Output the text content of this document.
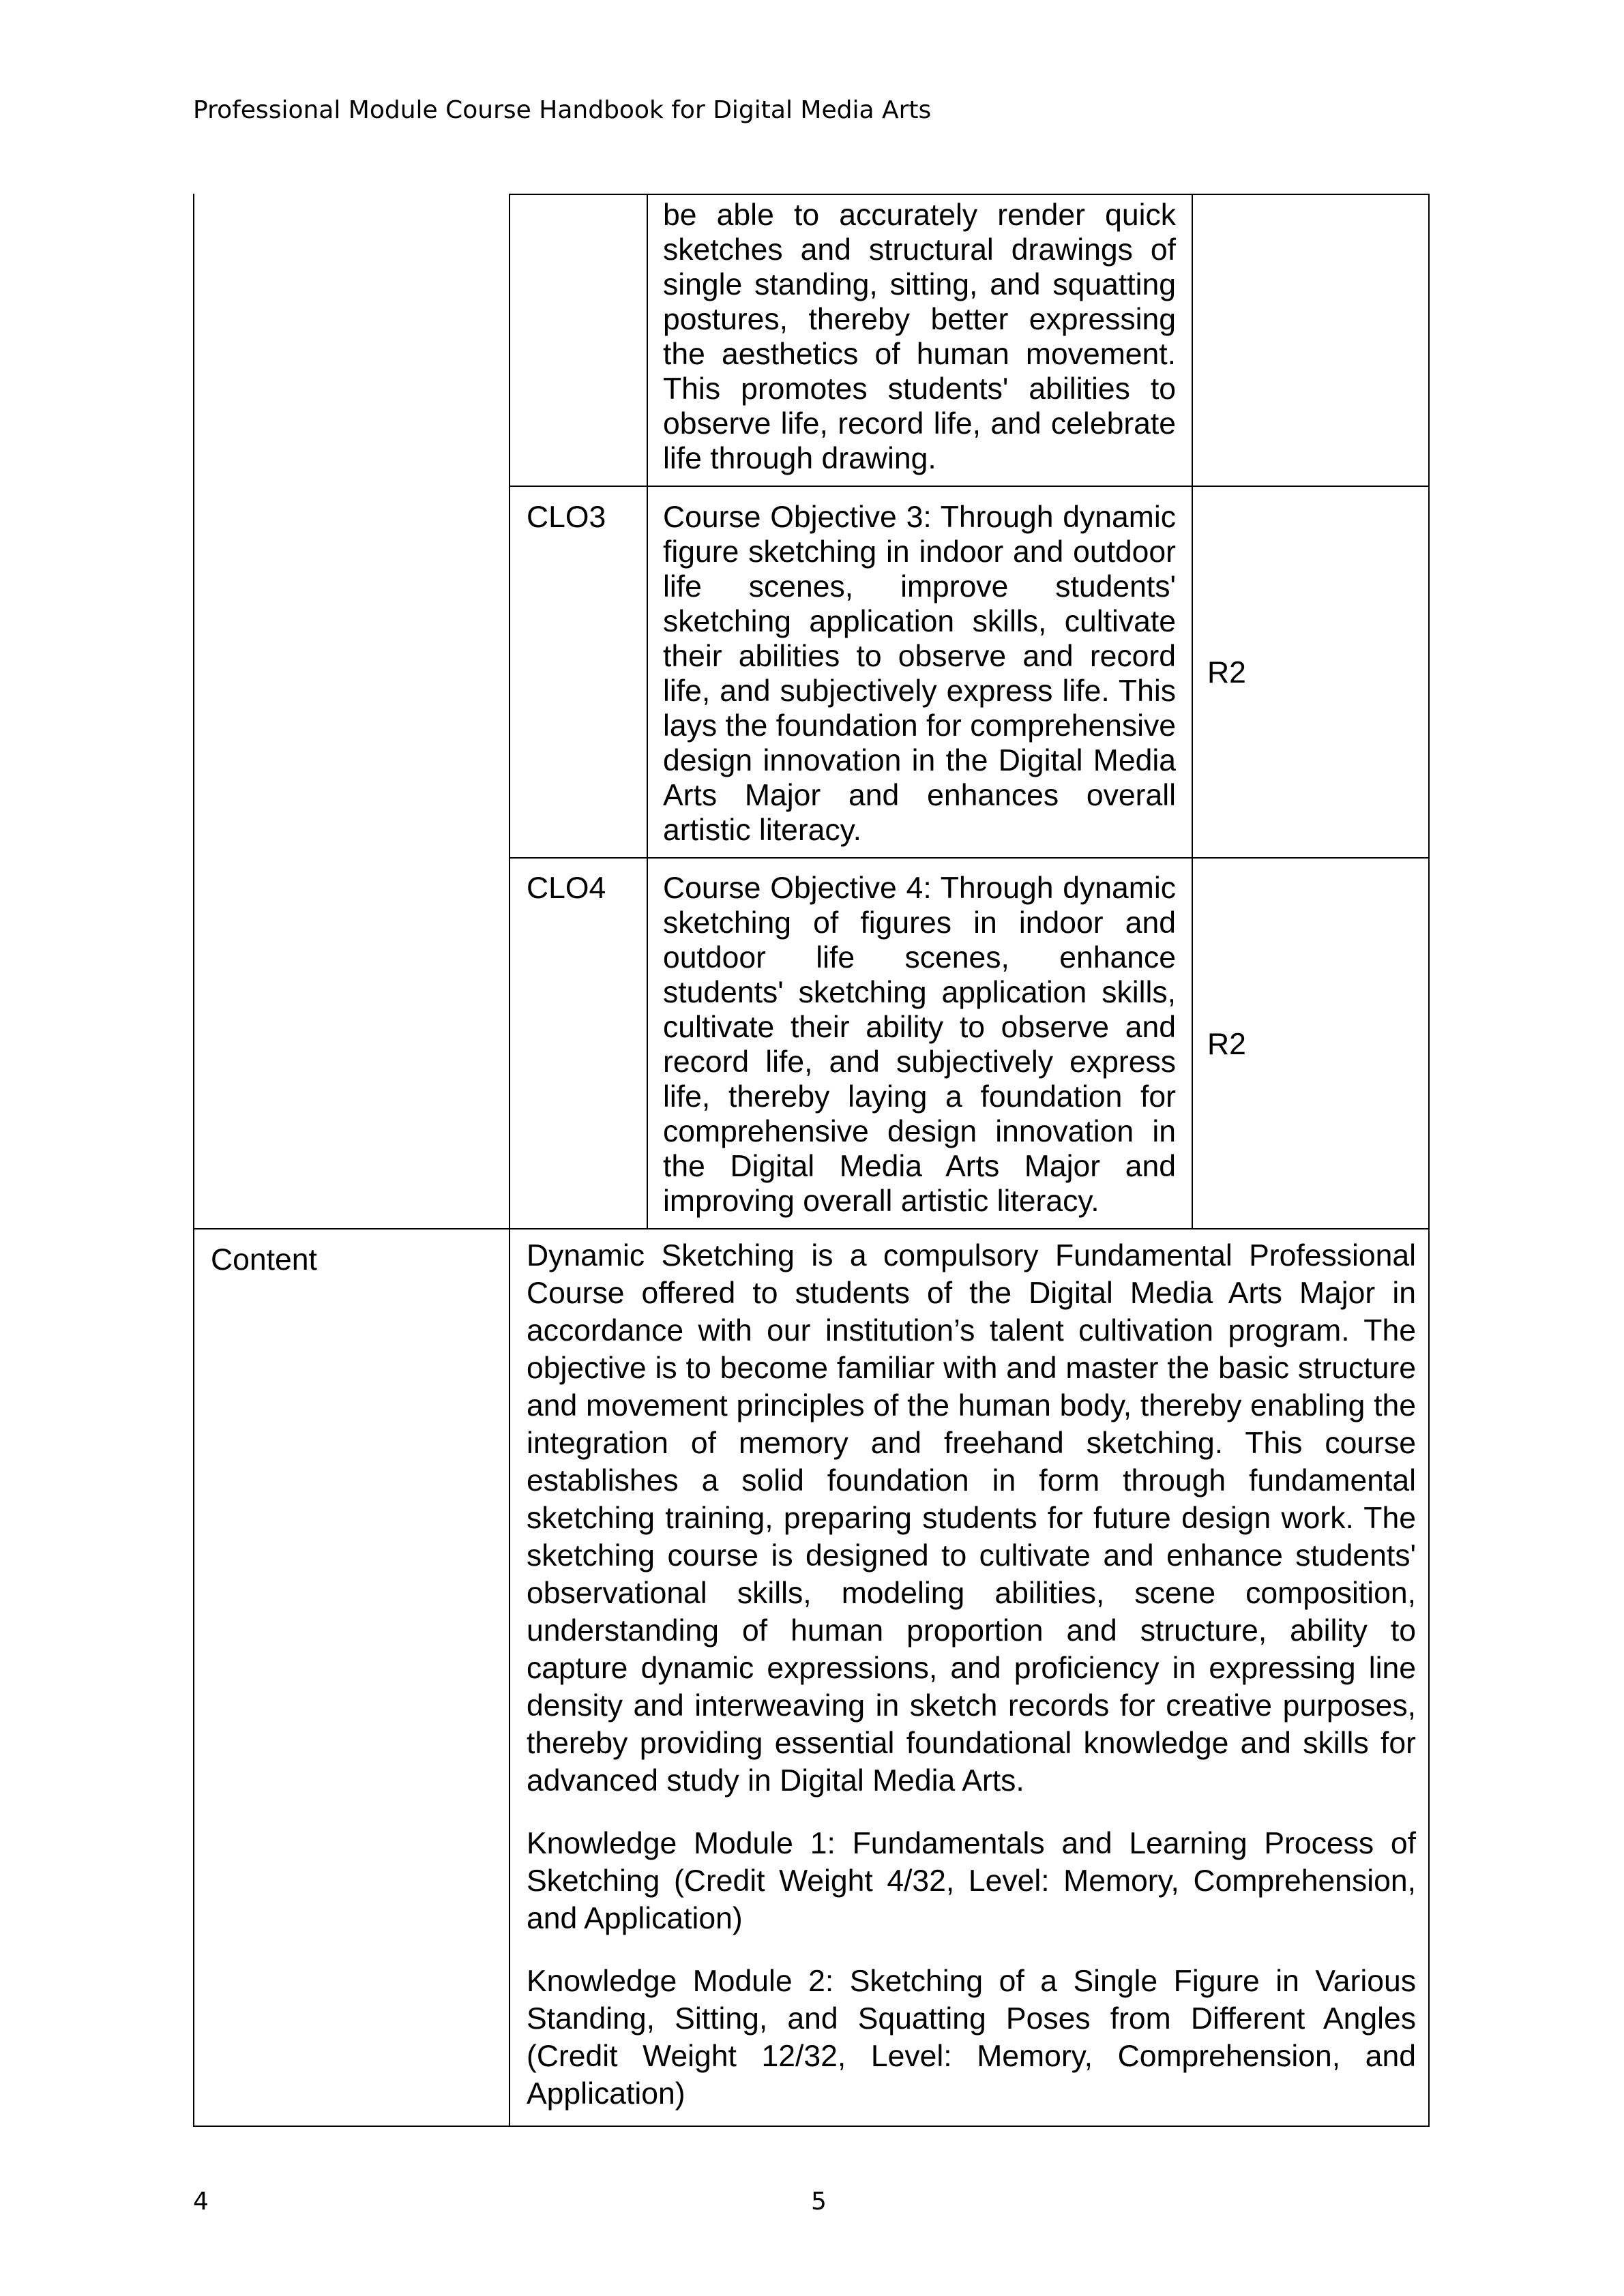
Professional Module Course Handbook for Digital Media Arts
be able to accurately render quick sketches and structural drawings of single standing, sitting, and squatting postures, thereby better expressing the aesthetics of human movement. This promotes students' abilities to observe life, record life, and celebrate life through drawing.
CLO3 Course Objective 3: Through dynamic figure sketching in indoor and outdoor life scenes, improve students' sketching application skills, cultivate their abilities to observe and record life, and subjectively express life. This lays the foundation for comprehensive design innovation in the Digital Media Arts Major and enhances overall artistic literacy.
R2
CLO4 Course Objective 4: Through dynamic sketching of figures in indoor and outdoor life scenes, enhance students' sketching application skills, cultivate their ability to observe and record life, and subjectively express life, thereby laying a foundation for comprehensive design innovation in the Digital Media Arts Major and improving overall artistic literacy.
R2
Content	Dynamic Sketching is a compulsory Fundamental Professional Course offered to students of the Digital Media Arts Major in accordance with our institution’s talent cultivation program. The objective is to become familiar with and master the basic structure and movement principles of the human body, thereby enabling the integration of memory and freehand sketching. This course establishes a solid foundation in form through fundamental sketching training, preparing students for future design work. The sketching course is designed to cultivate and enhance students' observational skills, modeling abilities, scene composition, understanding of human proportion and structure, ability to capture dynamic expressions, and proficiency in expressing line density and interweaving in sketch records for creative purposes, thereby providing essential foundational knowledge and skills for advanced study in Digital Media Arts.

Knowledge Module 1: Fundamentals and Learning Process of Sketching (Credit Weight 4/32, Level: Memory, Comprehension, and Application)

Knowledge Module 2: Sketching of a Single Figure in Various Standing, Sitting, and Squatting Poses from Different Angles (Credit Weight 12/32, Level: Memory, Comprehension, and Application)

4	5
